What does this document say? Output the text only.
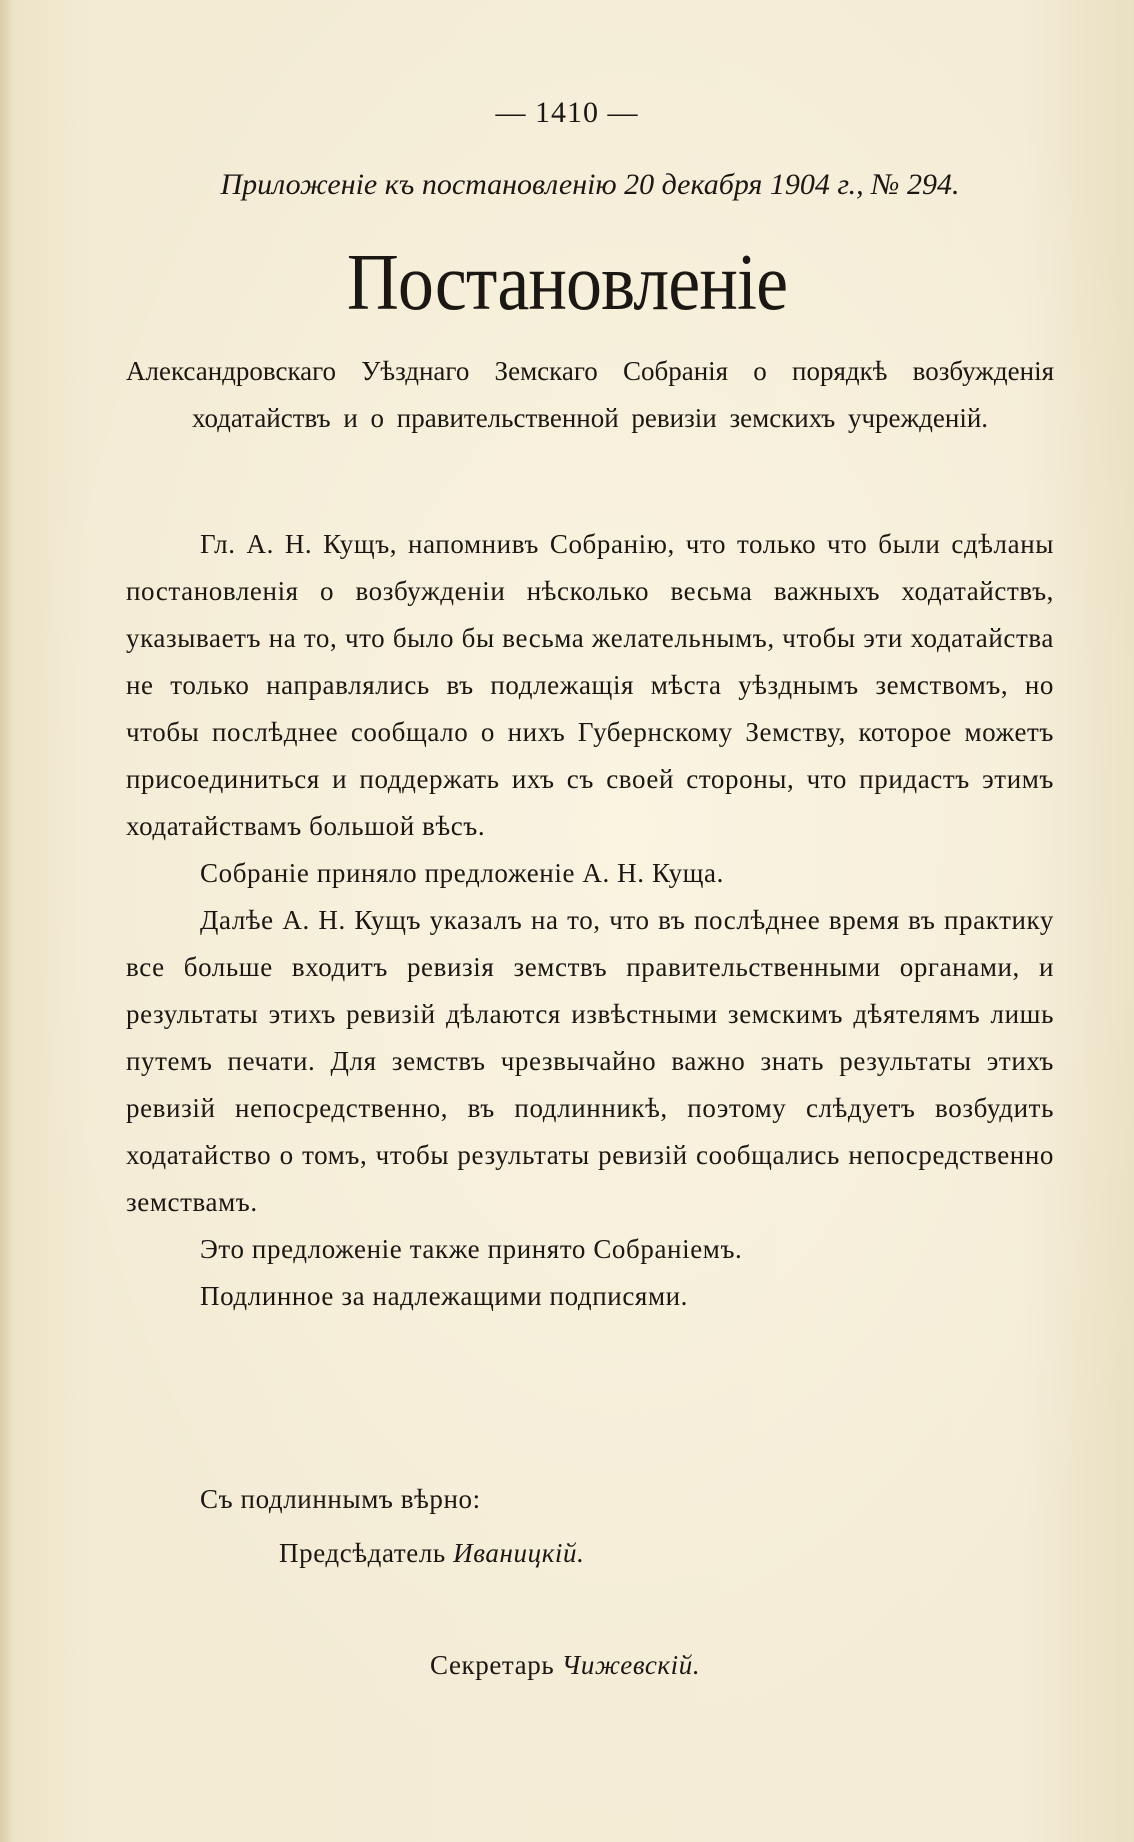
— 1410 —
Приложенiе къ постановленiю 20 декабря 1904 г., № 294.
Постановленiе
Александровскаго Уѣзднаго Земскаго Собранiя о порядкѣ возбужденiя ходатайствъ и о правительственной ревизiи земскихъ учрежденiй.

Гл. А. Н. Кущъ, напомнивъ Собранiю, что только что были сдѣланы постановленiя о возбужденiи нѣсколько весьма важныхъ ходатайствъ, указываетъ на то, что было бы весьма желательнымъ, чтобы эти ходатайства не только направлялись въ подлежащiя мѣста уѣзднымъ земствомъ, но чтобы послѣднее сообщало о нихъ Губернскому Земству, которое можетъ присоединиться и поддержать ихъ съ своей стороны, что придастъ этимъ ходатайствамъ большой вѣсъ.

Собранiе приняло предложенiе А. Н. Куща.

Далѣе А. Н. Кущъ указалъ на то, что въ послѣднее время въ практику все больше входитъ ревизiя земствъ правительственными органами, и результаты этихъ ревизiй дѣлаются извѣстными земскимъ дѣятелямъ лишь путемъ печати. Для земствъ чрезвычайно важно знать результаты этихъ ревизiй непосредственно, въ подлинникѣ, поэтому слѣдуетъ возбудить ходатайство о томъ, чтобы результаты ревизiй сообщались непосредственно земствамъ.

Это предложенiе также принято Собранiемъ.

Подлинное за надлежащими подписями.

Съ подлиннымъ вѣрно:
Предсѣдатель Иваницкiй.
Секретарь Чижевскiй.
